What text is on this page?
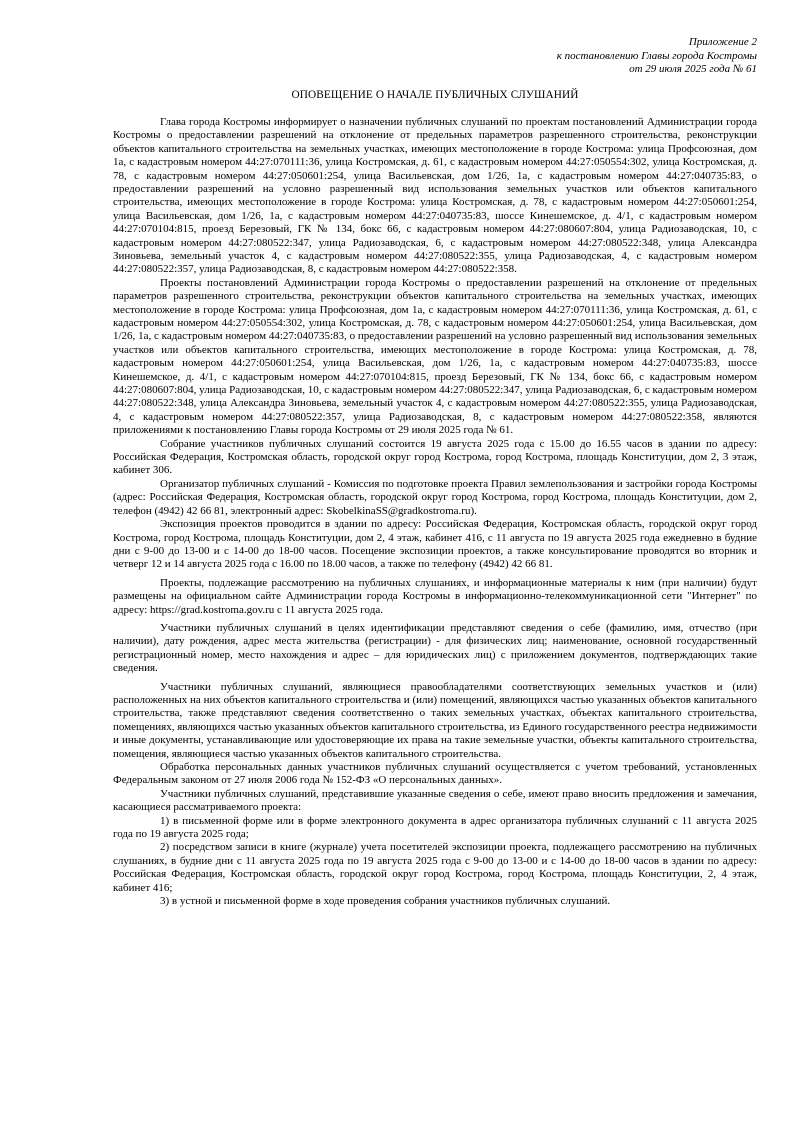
Приложение 2
к постановлению Главы города Костромы
от 29 июля 2025 года № 61
ОПОВЕЩЕНИЕ О НАЧАЛЕ ПУБЛИЧНЫХ СЛУШАНИЙ

Глава города Костромы информирует о назначении публичных слушаний по проектам постановлений Администрации города Костромы о предоставлении разрешений на отклонение от предельных параметров разрешенного строительства, реконструкции объектов капитального строительства на земельных участках, имеющих местоположение в городе Кострома: улица Профсоюзная, дом 1а, с кадастровым номером 44:27:070111:36, улица Костромская, д. 61, с кадастровым номером 44:27:050554:302, улица Костромская, д. 78, с кадастровым номером 44:27:050601:254, улица Васильевская, дом 1/26, 1а, с кадастровым номером 44:27:040735:83, о предоставлении разрешений на условно разрешенный вид использования земельных участков или объектов капитального строительства, имеющих местоположение в городе Кострома: улица Костромская, д. 78, с кадастровым номером 44:27:050601:254, улица Васильевская, дом 1/26, 1а, с кадастровым номером 44:27:040735:83, шоссе Кинешемское, д. 4/1, с кадастровым номером 44:27:070104:815, проезд Березовый, ГК № 134, бокс 66, с кадастровым номером 44:27:080607:804, улица Радиозаводская, 10, с кадастровым номером 44:27:080522:347, улица Радиозаводская, 6, с кадастровым номером 44:27:080522:348, улица Александра Зиновьева, земельный участок 4, с кадастровым номером 44:27:080522:355, улица Радиозаводская, 4, с кадастровым номером 44:27:080522:357, улица Радиозаводская, 8, с кадастровым номером 44:27:080522:358.

Проекты постановлений Администрации города Костромы о предоставлении разрешений на отклонение от предельных параметров разрешенного строительства, реконструкции объектов капитального строительства на земельных участках, имеющих местоположение в городе Кострома: улица Профсоюзная, дом 1а, с кадастровым номером 44:27:070111:36, улица Костромская, д. 61, с кадастровым номером 44:27:050554:302, улица Костромская, д. 78, с кадастровым номером 44:27:050601:254, улица Васильевская, дом 1/26, 1а, с кадастровым номером 44:27:040735:83, о предоставлении разрешений на условно разрешенный вид использования земельных участков или объектов капитального строительства, имеющих местоположение в городе Кострома: улица Костромская, д. 78, кадастровым номером 44:27:050601:254, улица Васильевская, дом 1/26, 1а, с кадастровым номером 44:27:040735:83, шоссе Кинешемское, д. 4/1, с кадастровым номером 44:27:070104:815, проезд Березовый, ГК № 134, бокс 66, с кадастровым номером 44:27:080607:804, улица Радиозаводская, 10, с кадастровым номером 44:27:080522:347, улица Радиозаводская, 6, с кадастровым номером 44:27:080522:348, улица Александра Зиновьева, земельный участок 4, с кадастровым номером 44:27:080522:355, улица Радиозаводская, 4, с кадастровым номером 44:27:080522:357, улица Радиозаводская, 8, с кадастровым номером 44:27:080522:358, являются приложениями к постановлению Главы города Костромы от 29 июля 2025 года № 61.

Собрание участников публичных слушаний состоится 19 августа 2025 года с 15.00 до 16.55 часов в здании по адресу: Российская Федерация, Костромская область, городской округ город Кострома, город Кострома, площадь Конституции, дом 2, 3 этаж, кабинет 306.

Организатор публичных слушаний - Комиссия по подготовке проекта Правил землепользования и застройки города Костромы (адрес: Российская Федерация, Костромская область, городской округ город Кострома, город Кострома, площадь Конституции, дом 2, телефон (4942) 42 66 81, электронный адрес: SkobelkinaSS@gradkostroma.ru).

Экспозиция проектов проводится в здании по адресу: Российская Федерация, Костромская область, городской округ город Кострома, город Кострома, площадь Конституции, дом 2, 4 этаж, кабинет 416, с 11 августа по 19 августа 2025 года ежедневно в будние дни с 9-00 до 13-00 и с 14-00 до 18-00 часов. Посещение экспозиции проектов, а также консультирование проводятся во вторник и четверг 12 и 14 августа 2025 года с 16.00 по 18.00 часов, а также по телефону (4942) 42 66 81.

Проекты, подлежащие рассмотрению на публичных слушаниях, и информационные материалы к ним (при наличии) будут размещены на официальном сайте Администрации города Костромы в информационно-телекоммуникационной сети "Интернет" по адресу: https://grad.kostroma.gov.ru с 11 августа 2025 года.

Участники публичных слушаний в целях идентификации представляют сведения о себе (фамилию, имя, отчество (при наличии), дату рождения, адрес места жительства (регистрации) - для физических лиц; наименование, основной государственный регистрационный номер, место нахождения и адрес – для юридических лиц) с приложением документов, подтверждающих такие сведения.

Участники публичных слушаний, являющиеся правообладателями соответствующих земельных участков и (или) расположенных на них объектов капитального строительства и (или) помещений, являющихся частью указанных объектов капитального строительства, также представляют сведения соответственно о таких земельных участках, объектах капитального строительства, помещениях, являющихся частью указанных объектов капитального строительства, из Единого государственного реестра недвижимости и иные документы, устанавливающие или удостоверяющие их права на такие земельные участки, объекты капитального строительства, помещения, являющиеся частью указанных объектов капитального строительства.

Обработка персональных данных участников публичных слушаний осуществляется с учетом требований, установленных Федеральным законом от 27 июля 2006 года № 152-ФЗ «О персональных данных».

Участники публичных слушаний, представившие указанные сведения о себе, имеют право вносить предложения и замечания, касающиеся рассматриваемого проекта:

1) в письменной форме или в форме электронного документа в адрес организатора публичных слушаний с 11 августа 2025 года по 19 августа 2025 года;

2) посредством записи в книге (журнале) учета посетителей экспозиции проекта, подлежащего рассмотрению на публичных слушаниях, в будние дни с 11 августа 2025 года по 19 августа 2025 года с 9-00 до 13-00 и с 14-00 до 18-00 часов в здании по адресу: Российская Федерация, Костромская область, городской округ город Кострома, город Кострома, площадь Конституции, 2, 4 этаж, кабинет 416;

3) в устной и письменной форме в ходе проведения собрания участников публичных слушаний.
